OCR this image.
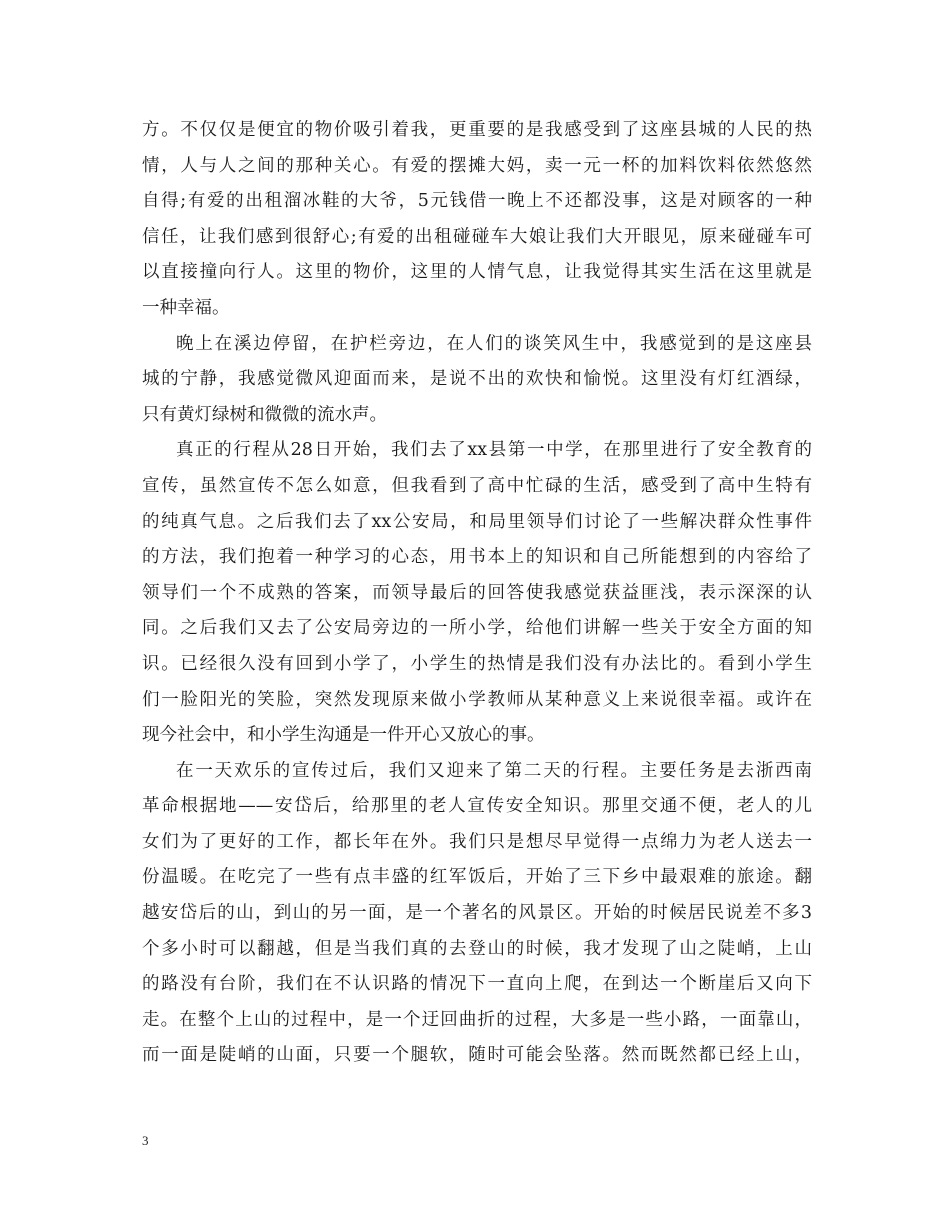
方。不仅仅是便宜的物价吸引着我，更重要的是我感受到了这座县城的人民的热
情，人与人之间的那种关心。有爱的摆摊大妈，卖一元一杯的加料饮料依然悠然
自得;有爱的出租溜冰鞋的大爷，5元钱借一晚上不还都没事，这是对顾客的一种
信任，让我们感到很舒心;有爱的出租碰碰车大娘让我们大开眼见，原来碰碰车可
以直接撞向行人。这里的物价，这里的人情气息，让我觉得其实生活在这里就是
一种幸福。
晚上在溪边停留，在护栏旁边，在人们的谈笑风生中，我感觉到的是这座县
城的宁静，我感觉微风迎面而来，是说不出的欢快和愉悦。这里没有灯红酒绿，
只有黄灯绿树和微微的流水声。
真正的行程从28日开始，我们去了xx县第一中学，在那里进行了安全教育的
宣传，虽然宣传不怎么如意，但我看到了高中忙碌的生活，感受到了高中生特有
的纯真气息。之后我们去了xx公安局，和局里领导们讨论了一些解决群众性事件
的方法，我们抱着一种学习的心态，用书本上的知识和自己所能想到的内容给了
领导们一个不成熟的答案，而领导最后的回答使我感觉获益匪浅，表示深深的认
同。之后我们又去了公安局旁边的一所小学，给他们讲解一些关于安全方面的知
识。已经很久没有回到小学了，小学生的热情是我们没有办法比的。看到小学生
们一脸阳光的笑脸，突然发现原来做小学教师从某种意义上来说很幸福。或许在
现今社会中，和小学生沟通是一件开心又放心的事。
在一天欢乐的宣传过后，我们又迎来了第二天的行程。主要任务是去浙西南
革命根据地——安岱后，给那里的老人宣传安全知识。那里交通不便，老人的儿
女们为了更好的工作，都长年在外。我们只是想尽早觉得一点绵力为老人送去一
份温暖。在吃完了一些有点丰盛的红军饭后，开始了三下乡中最艰难的旅途。翻
越安岱后的山，到山的另一面，是一个著名的风景区。开始的时候居民说差不多3
个多小时可以翻越，但是当我们真的去登山的时候，我才发现了山之陡峭，上山
的路没有台阶，我们在不认识路的情况下一直向上爬，在到达一个断崖后又向下
走。在整个上山的过程中，是一个迂回曲折的过程，大多是一些小路，一面靠山，
而一面是陡峭的山面，只要一个腿软，随时可能会坠落。然而既然都已经上山，
3
